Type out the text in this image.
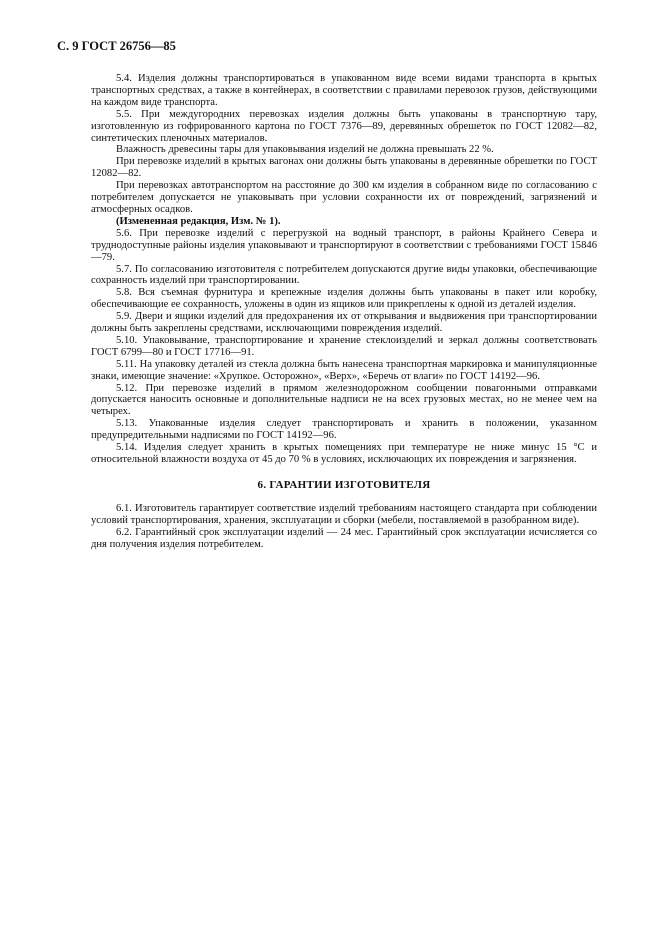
С. 9 ГОСТ 26756—85

5.4. Изделия должны транспортироваться в упакованном виде всеми видами транспорта в крытых транспортных средствах, а также в контейнерах, в соответствии с правилами перевозок грузов, действующими на каждом виде транспорта.

5.5. При междугородних перевозках изделия должны быть упакованы в транспортную тару, изготовленную из гофрированного картона по ГОСТ 7376—89, деревянных обрешеток по ГОСТ 12082—82, синтетических пленочных материалов.

Влажность древесины тары для упаковывания изделий не должна превышать 22 %.

При перевозке изделий в крытых вагонах они должны быть упакованы в деревянные обрешетки по ГОСТ 12082—82.

При перевозках автотранспортом на расстояние до 300 км изделия в собранном виде по согласованию с потребителем допускается не упаковывать при условии сохранности их от повреждений, загрязнений и атмосферных осадков.

(Измененная редакция, Изм. № 1).

5.6. При перевозке изделий с перегрузкой на водный транспорт, в районы Крайнего Севера и труднодоступные районы изделия упаковывают и транспортируют в соответствии с требованиями ГОСТ 15846—79.

5.7. По согласованию изготовителя с потребителем допускаются другие виды упаковки, обеспечивающие сохранность изделий при транспортировании.

5.8. Вся съемная фурнитура и крепежные изделия должны быть упакованы в пакет или коробку, обеспечивающие ее сохранность, уложены в один из ящиков или прикреплены к одной из деталей изделия.

5.9. Двери и ящики изделий для предохранения их от открывания и выдвижения при транспортировании должны быть закреплены средствами, исключающими повреждения изделий.

5.10. Упаковывание, транспортирование и хранение стеклоизделий и зеркал должны соответствовать ГОСТ 6799—80 и ГОСТ 17716—91.

5.11. На упаковку деталей из стекла должна быть нанесена транспортная маркировка и манипуляционные знаки, имеющие значение: «Хрупкое. Осторожно», «Верх», «Беречь от влаги» по ГОСТ 14192—96.

5.12. При перевозке изделий в прямом железнодорожном сообщении повагонными отправками допускается наносить основные и дополнительные надписи не на всех грузовых местах, но не менее чем на четырех.

5.13. Упакованные изделия следует транспортировать и хранить в положении, указанном предупредительными надписями по ГОСТ 14192—96.

5.14. Изделия следует хранить в крытых помещениях при температуре не ниже минус 15 °С и относительной влажности воздуха от 45 до 70 % в условиях, исключающих их повреждения и загрязнения.

6. ГАРАНТИИ ИЗГОТОВИТЕЛЯ

6.1. Изготовитель гарантирует соответствие изделий требованиям настоящего стандарта при соблюдении условий транспортирования, хранения, эксплуатации и сборки (мебели, поставляемой в разобранном виде).

6.2. Гарантийный срок эксплуатации изделий — 24 мес. Гарантийный срок эксплуатации исчисляется со дня получения изделия потребителем.
